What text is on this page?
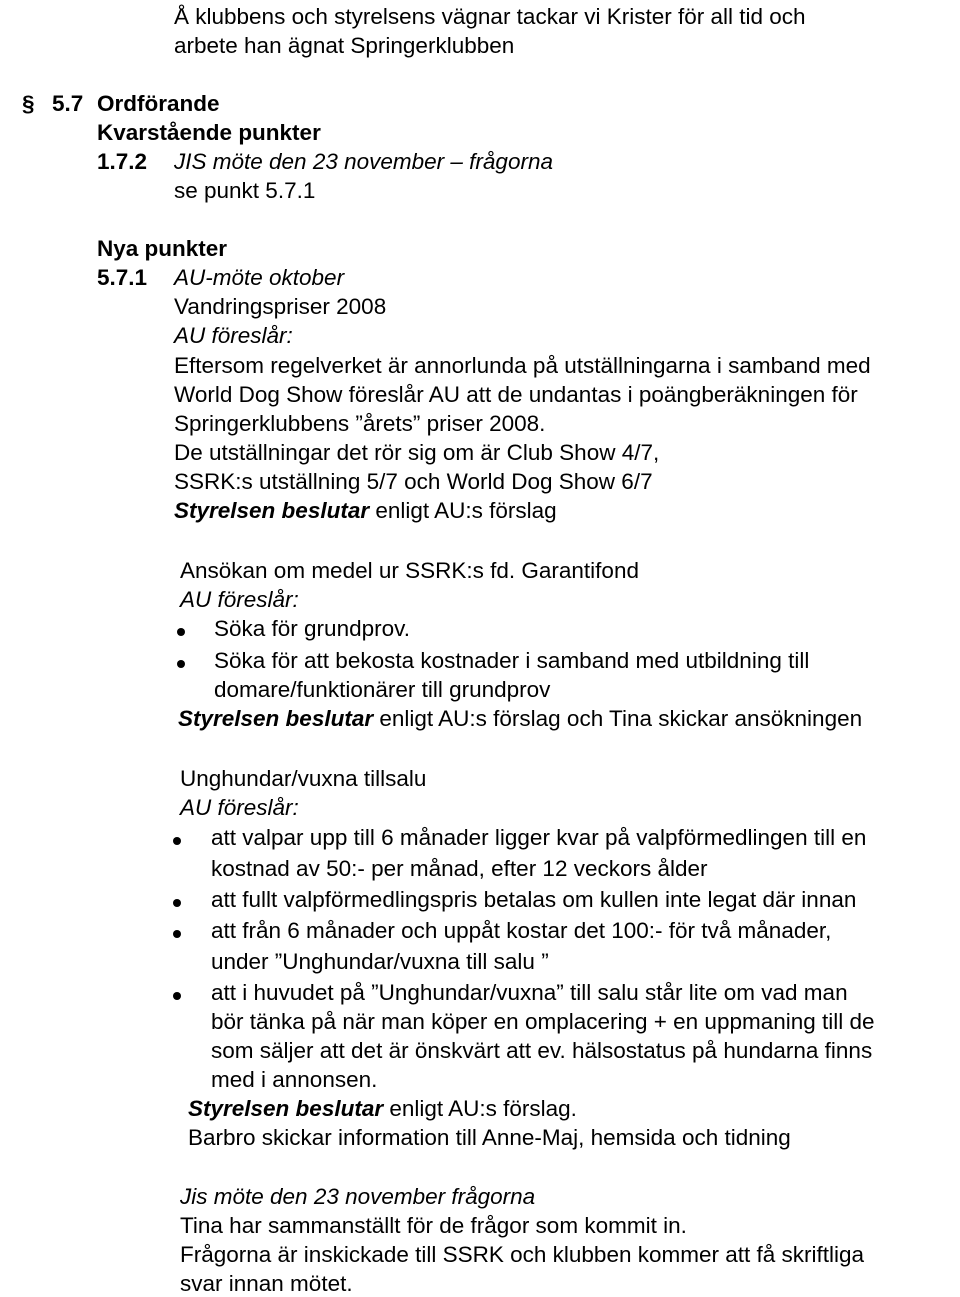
Å klubbens och styrelsens vägnar tackar vi Krister för all tid och
arbete han ägnat Springerklubben
§ 5.7 Ordförande
Kvarstående punkter
1.7.2 JIS möte den 23 november – frågorna
se punkt 5.7.1
Nya punkter
5.7.1 AU-möte oktober
Vandringspriser 2008
AU föreslår:
Eftersom regelverket är annorlunda på utställningarna i samband med
World Dog Show föreslår AU att de undantas i poängberäkningen för
Springerklubbens ”årets” priser 2008.
De utställningar det rör sig om är Club Show 4/7,
SSRK:s utställning 5/7 och World Dog Show 6/7
Styrelsen beslutar enligt AU:s förslag
Ansökan om medel ur SSRK:s fd. Garantifond
AU föreslår:
Söka för grundprov.
Söka för att bekosta kostnader i samband med utbildning till
domare/funktionärer till grundprov
Styrelsen beslutar enligt AU:s förslag och Tina skickar ansökningen
Unghundar/vuxna tillsalu
AU föreslår:
att valpar upp till 6 månader ligger kvar på valpförmedlingen till en
kostnad av 50:- per månad, efter 12 veckors ålder
att fullt valpförmedlingspris betalas om kullen inte legat där innan
att från 6 månader och uppåt kostar det 100:- för två månader,
under ”Unghundar/vuxna till salu ”
att i huvudet på ”Unghundar/vuxna” till salu står lite om vad man
bör tänka på när man köper en omplacering + en uppmaning till de
som säljer att det är önskvärt att ev. hälsostatus på hundarna finns
med i annonsen.
Styrelsen beslutar enligt AU:s förslag.
Barbro skickar information till Anne-Maj, hemsida och tidning
Jis möte den 23 november frågorna
Tina har sammanställt för de frågor som kommit in.
Frågorna är inskickade till SSRK och klubben kommer att få skriftliga
svar innan mötet.
